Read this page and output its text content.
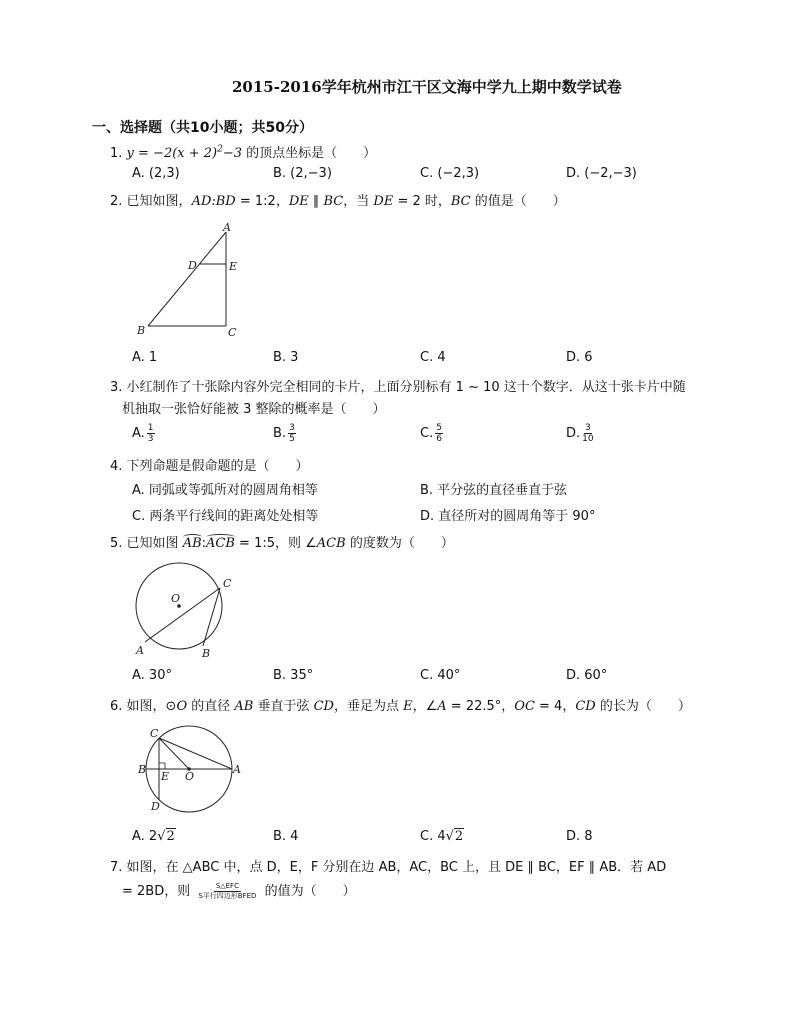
2015-2016学年杭州市江干区文海中学九上期中数学试卷
一、选择题（共10小题；共50分）
1. $y = -2(x + 2)^2-3$ 的顶点坐标是（　　）
A. (2,3)	B. (2,−3)	C. (−2,3)	D. (−2,−3)
2. 已知如图，AD:BD = 1:2，DE ∥ BC，当 DE = 2 时，BC 的值是（　　）
A
D	E
B	C
A. 1	B. 3	C. 4	D. 6
3. 小红制作了十张除内容外完全相同的卡片，上面分别标有 1 ~ 10 这十个数字．从这十张卡片中随
机抽取一张恰好能被 3 整除的概率是（　　）
A. $\frac{1}{3}$	B. $\frac{3}{5}$	C. $\frac{5}{6}$	D. $\frac{3}{10}$
4. 下列命题是假命题的是（　　）
A. 同弧或等弧所对的圆周角相等	B. 平分弦的直径垂直于弦
C. 两条平行线间的距离处处相等	D. 直径所对的圆周角等于 90°
5. 已知如图 AB:ACB = 1:5，则 ∠ACB 的度数为（　　）
O
C
A	B
A. 30°	B. 35°	C. 40°	D. 60°
6. 如图，⊙O 的直径 AB 垂直于弦 CD，垂足为点 E，∠A = 22.5°，OC = 4，CD 的长为（　　）
C
B
E O
A
D
A. 2√2	B. 4	C. 4√2	D. 8
7. 如图，在 △ABC 中，点 D，E，F 分别在边 AB，AC，BC 上，且 DE ∥ BC，EF ∥ AB．若 AD
= 2BD，则	S△EFC
S平行四边形BFED 的值为（　　）
